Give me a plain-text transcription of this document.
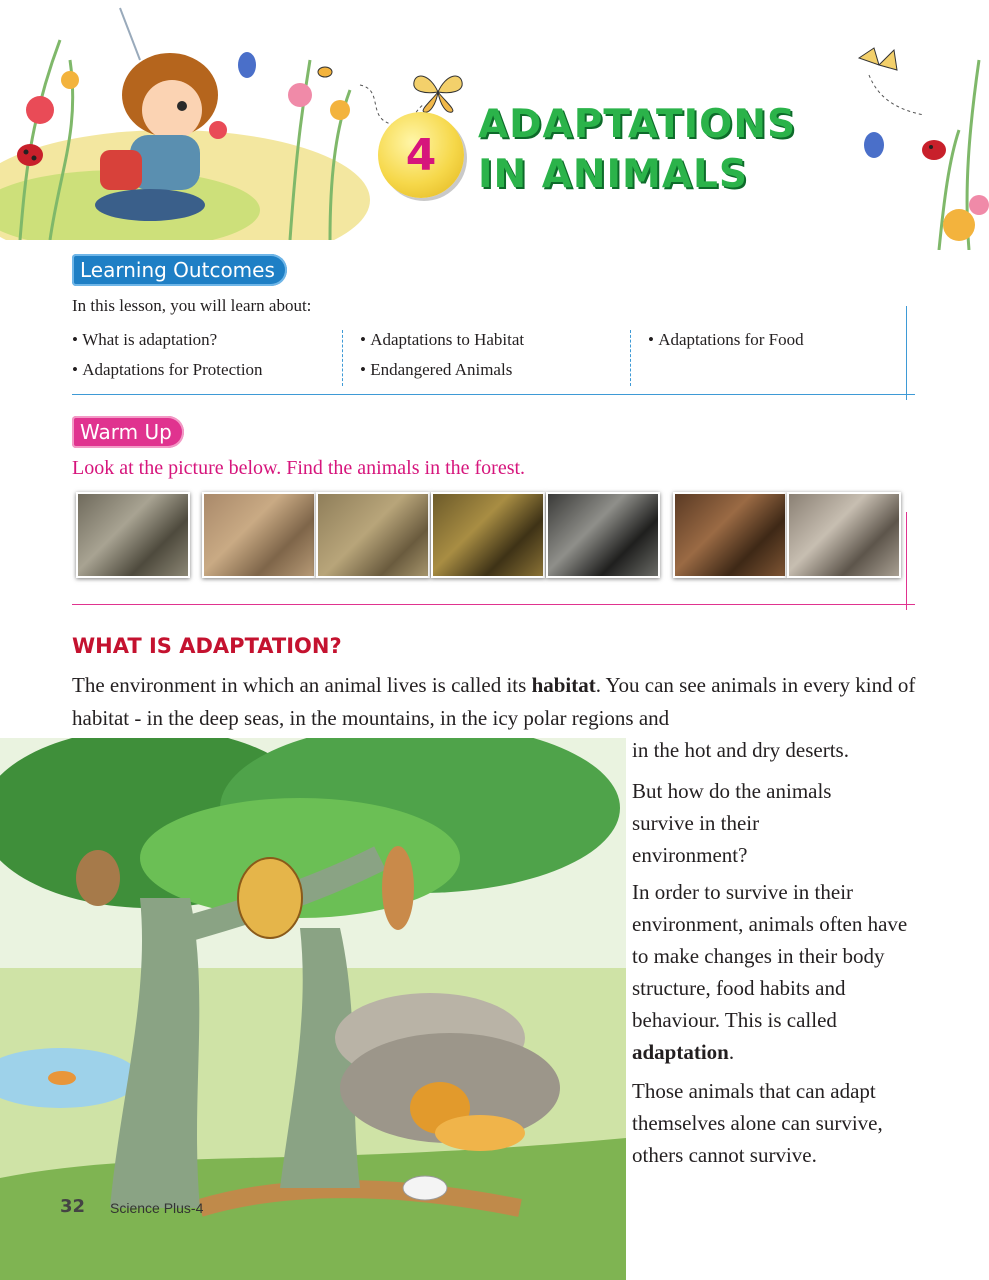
4
ADAPTATIONS
IN ANIMALS
Learning Outcomes
In this lesson, you will learn about:
• What is adaptation?
• Adaptations for Protection
• Adaptations to Habitat
• Endangered Animals
• Adaptations for Food
Warm Up
Look at the picture below. Find the animals in the forest.
WHAT IS ADAPTATION?
The environment in which an animal lives is called its habitat. You can see animals in every kind of habitat - in the deep seas, in the mountains, in the icy polar regions and
in the hot and dry deserts.
But how do the animals survive in their environment?
In order to survive in their environment, animals often have to make changes in their body structure, food habits and behaviour. This is called adaptation.
Those animals that can adapt themselves alone can survive, others cannot survive.
32 Science Plus-4
